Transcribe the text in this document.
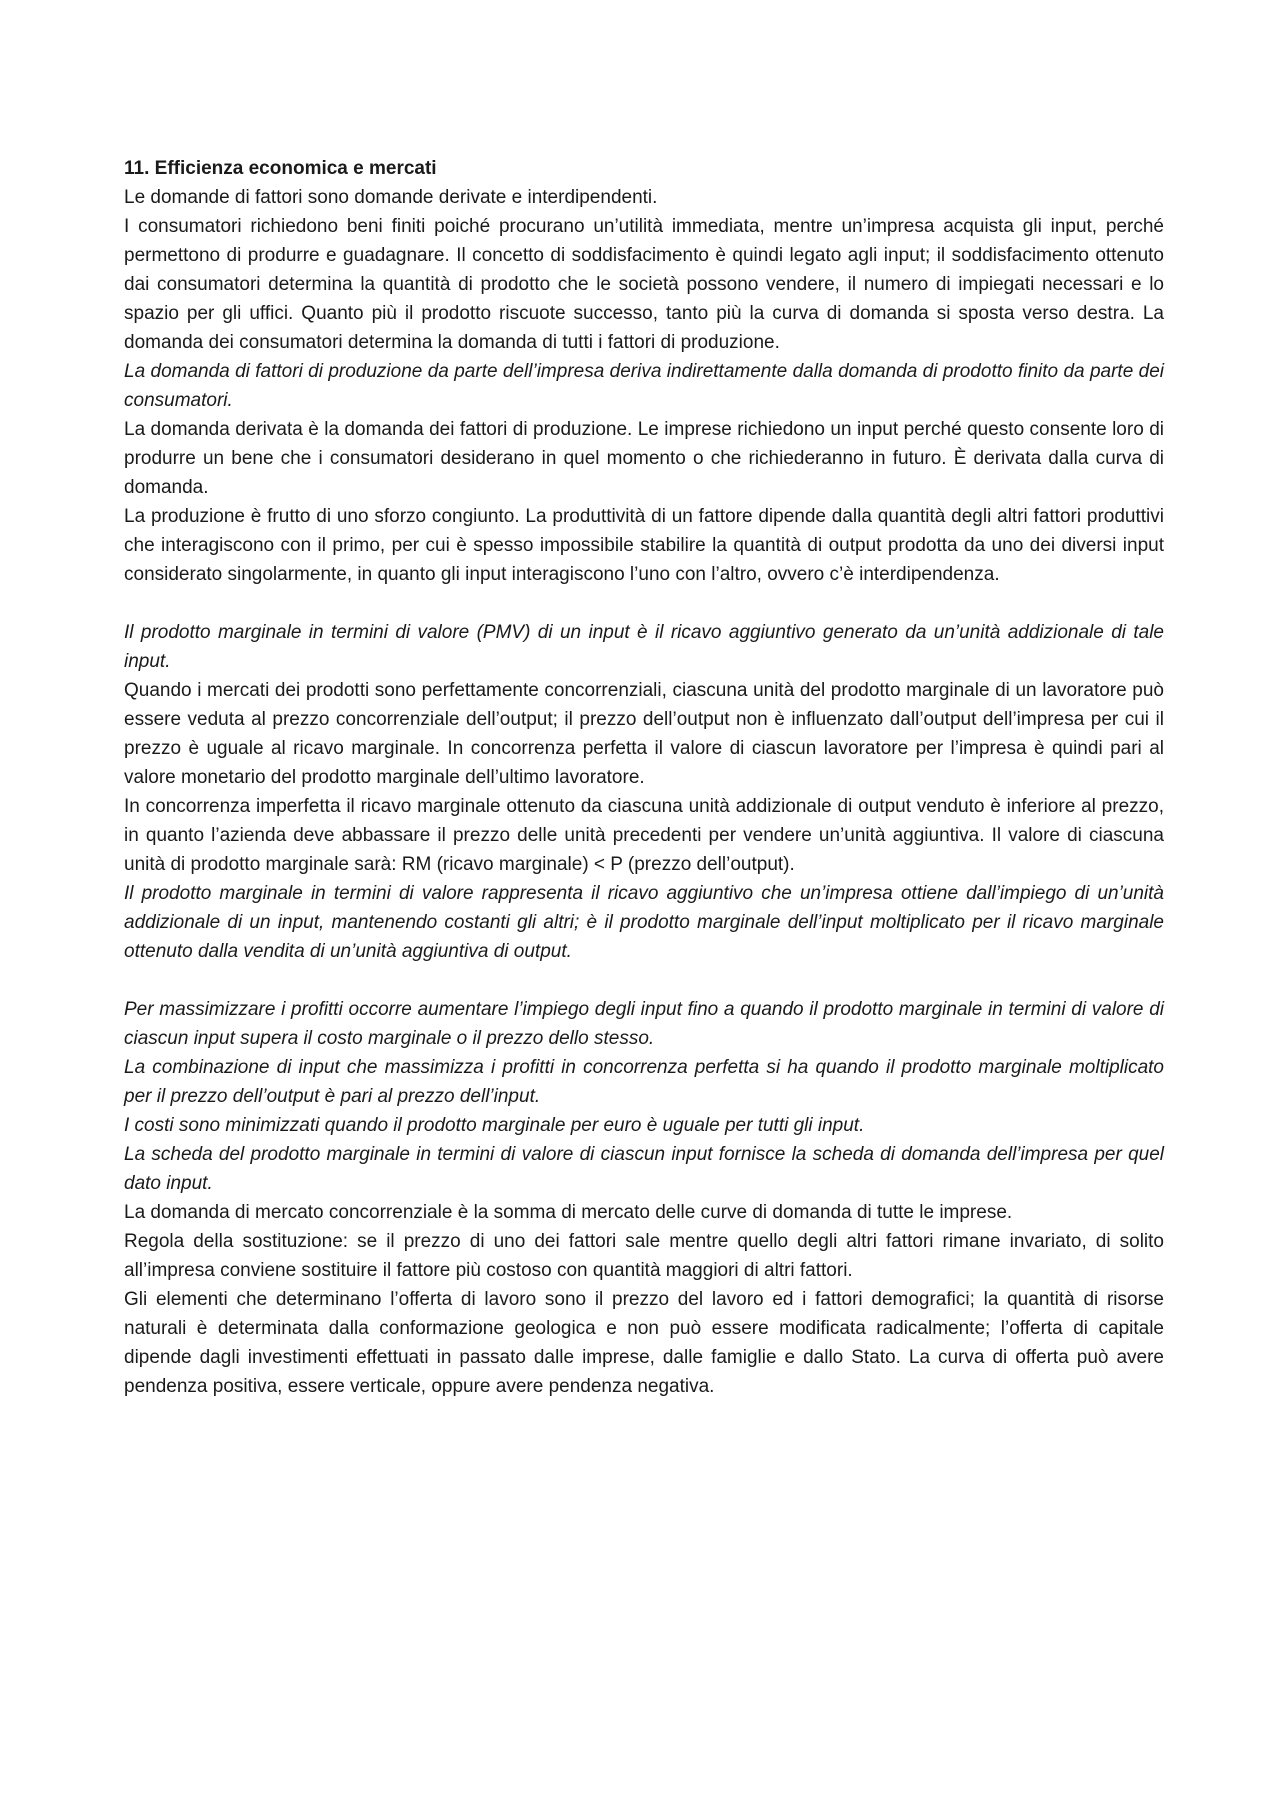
11. Efficienza economica e mercati

Le domande di fattori sono domande derivate e interdipendenti.

I consumatori richiedono beni finiti poiché procurano un’utilità immediata, mentre un’impresa acquista gli input, perché permettono di produrre e guadagnare. Il concetto di soddisfacimento è quindi legato agli input; il soddisfacimento ottenuto dai consumatori determina la quantità di prodotto che le società possono vendere, il numero di impiegati necessari e lo spazio per gli uffici. Quanto più il prodotto riscuote successo, tanto più la curva di domanda si sposta verso destra. La domanda dei consumatori determina la domanda di tutti i fattori di produzione.

La domanda di fattori di produzione da parte dell’impresa deriva indirettamente dalla domanda di prodotto finito da parte dei consumatori.

La domanda derivata è la domanda dei fattori di produzione. Le imprese richiedono un input perché questo consente loro di produrre un bene che i consumatori desiderano in quel momento o che richiederanno in futuro. È derivata dalla curva di domanda.

La produzione è frutto di uno sforzo congiunto. La produttività di un fattore dipende dalla quantità degli altri fattori produttivi che interagiscono con il primo, per cui è spesso impossibile stabilire la quantità di output prodotta da uno dei diversi input considerato singolarmente, in quanto gli input interagiscono l’uno con l’altro, ovvero c’è interdipendenza.

Il prodotto marginale in termini di valore (PMV) di un input è il ricavo aggiuntivo generato da un’unità addizionale di tale input.

Quando i mercati dei prodotti sono perfettamente concorrenziali, ciascuna unità del prodotto marginale di un lavoratore può essere veduta al prezzo concorrenziale dell’output; il prezzo dell’output non è influenzato dall’output dell’impresa per cui il prezzo è uguale al ricavo marginale. In concorrenza perfetta il valore di ciascun lavoratore per l’impresa è quindi pari al valore monetario del prodotto marginale dell’ultimo lavoratore.

In concorrenza imperfetta il ricavo marginale ottenuto da ciascuna unità addizionale di output venduto è inferiore al prezzo, in quanto l’azienda deve abbassare il prezzo delle unità precedenti per vendere un’unità aggiuntiva. Il valore di ciascuna unità di prodotto marginale sarà: RM (ricavo marginale) < P (prezzo dell’output).

Il prodotto marginale in termini di valore rappresenta il ricavo aggiuntivo che un’impresa ottiene dall’impiego di un’unità addizionale di un input, mantenendo costanti gli altri; è il prodotto marginale dell’input moltiplicato per il ricavo marginale ottenuto dalla vendita di un’unità aggiuntiva di output.

Per massimizzare i profitti occorre aumentare l’impiego degli input fino a quando il prodotto marginale in termini di valore di ciascun input supera il costo marginale o il prezzo dello stesso.

La combinazione di input che massimizza i profitti in concorrenza perfetta si ha quando il prodotto marginale moltiplicato per il prezzo dell’output è pari al prezzo dell’input.

I costi sono minimizzati quando il prodotto marginale per euro è uguale per tutti gli input.

La scheda del prodotto marginale in termini di valore di ciascun input fornisce la scheda di domanda dell’impresa per quel dato input.

La domanda di mercato concorrenziale è la somma di mercato delle curve di domanda di tutte le imprese.

Regola della sostituzione: se il prezzo di uno dei fattori sale mentre quello degli altri fattori rimane invariato, di solito all’impresa conviene sostituire il fattore più costoso con quantità maggiori di altri fattori.

Gli elementi che determinano l’offerta di lavoro sono il prezzo del lavoro ed i fattori demografici; la quantità di risorse naturali è determinata dalla conformazione geologica e non può essere modificata radicalmente; l’offerta di capitale dipende dagli investimenti effettuati in passato dalle imprese, dalle famiglie e dallo Stato. La curva di offerta può avere pendenza positiva, essere verticale, oppure avere pendenza negativa.
